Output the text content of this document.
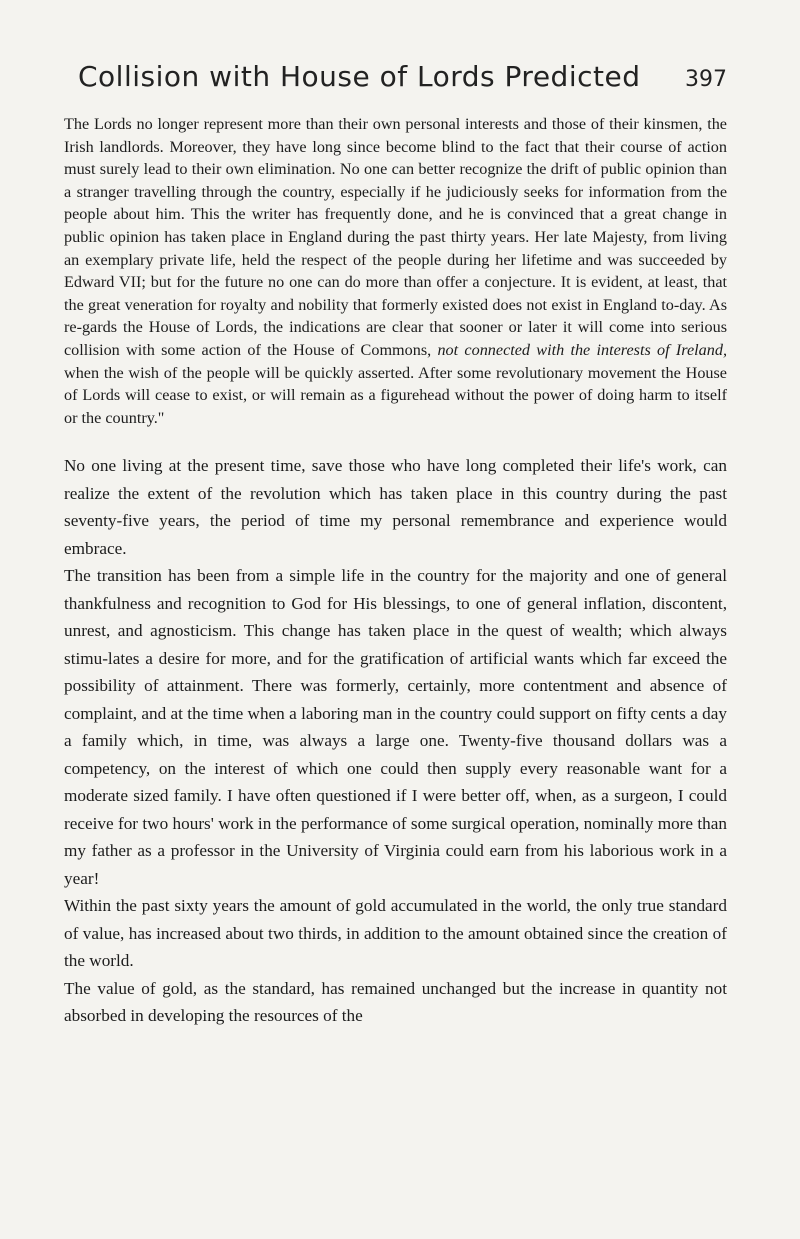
Collision with House of Lords Predicted 397

The Lords no longer represent more than their own personal interests and those of their kinsmen, the Irish landlords. Moreover, they have long since become blind to the fact that their course of action must surely lead to their own elimination. No one can better recognize the drift of public opinion than a stranger travelling through the country, especially if he judiciously seeks for information from the people about him. This the writer has frequently done, and he is convinced that a great change in public opinion has taken place in England during the past thirty years. Her late Majesty, from living an exemplary private life, held the respect of the people during her lifetime and was succeeded by Edward VII; but for the future no one can do more than offer a conjecture. It is evident, at least, that the great veneration for royalty and nobility that formerly existed does not exist in England to-day. As re-gards the House of Lords, the indications are clear that sooner or later it will come into serious collision with some action of the House of Commons, not connected with the interests of Ireland, when the wish of the people will be quickly asserted. After some revolutionary movement the House of Lords will cease to exist, or will remain as a figurehead without the power of doing harm to itself or the country."

No one living at the present time, save those who have long completed their life's work, can realize the extent of the revolution which has taken place in this country during the past seventy-five years, the period of time my personal remembrance and experience would embrace.

The transition has been from a simple life in the country for the majority and one of general thankfulness and recognition to God for His blessings, to one of general inflation, discontent, unrest, and agnosticism. This change has taken place in the quest of wealth; which always stimu-lates a desire for more, and for the gratification of artificial wants which far exceed the possibility of attainment. There was formerly, certainly, more contentment and absence of complaint, and at the time when a laboring man in the country could support on fifty cents a day a family which, in time, was always a large one. Twenty-five thousand dollars was a competency, on the interest of which one could then supply every reasonable want for a moderate sized family. I have often questioned if I were better off, when, as a surgeon, I could receive for two hours' work in the performance of some surgical operation, nominally more than my father as a professor in the University of Virginia could earn from his laborious work in a year!

Within the past sixty years the amount of gold accumulated in the world, the only true standard of value, has increased about two thirds, in addition to the amount obtained since the creation of the world.

The value of gold, as the standard, has remained unchanged but the increase in quantity not absorbed in developing the resources of the
